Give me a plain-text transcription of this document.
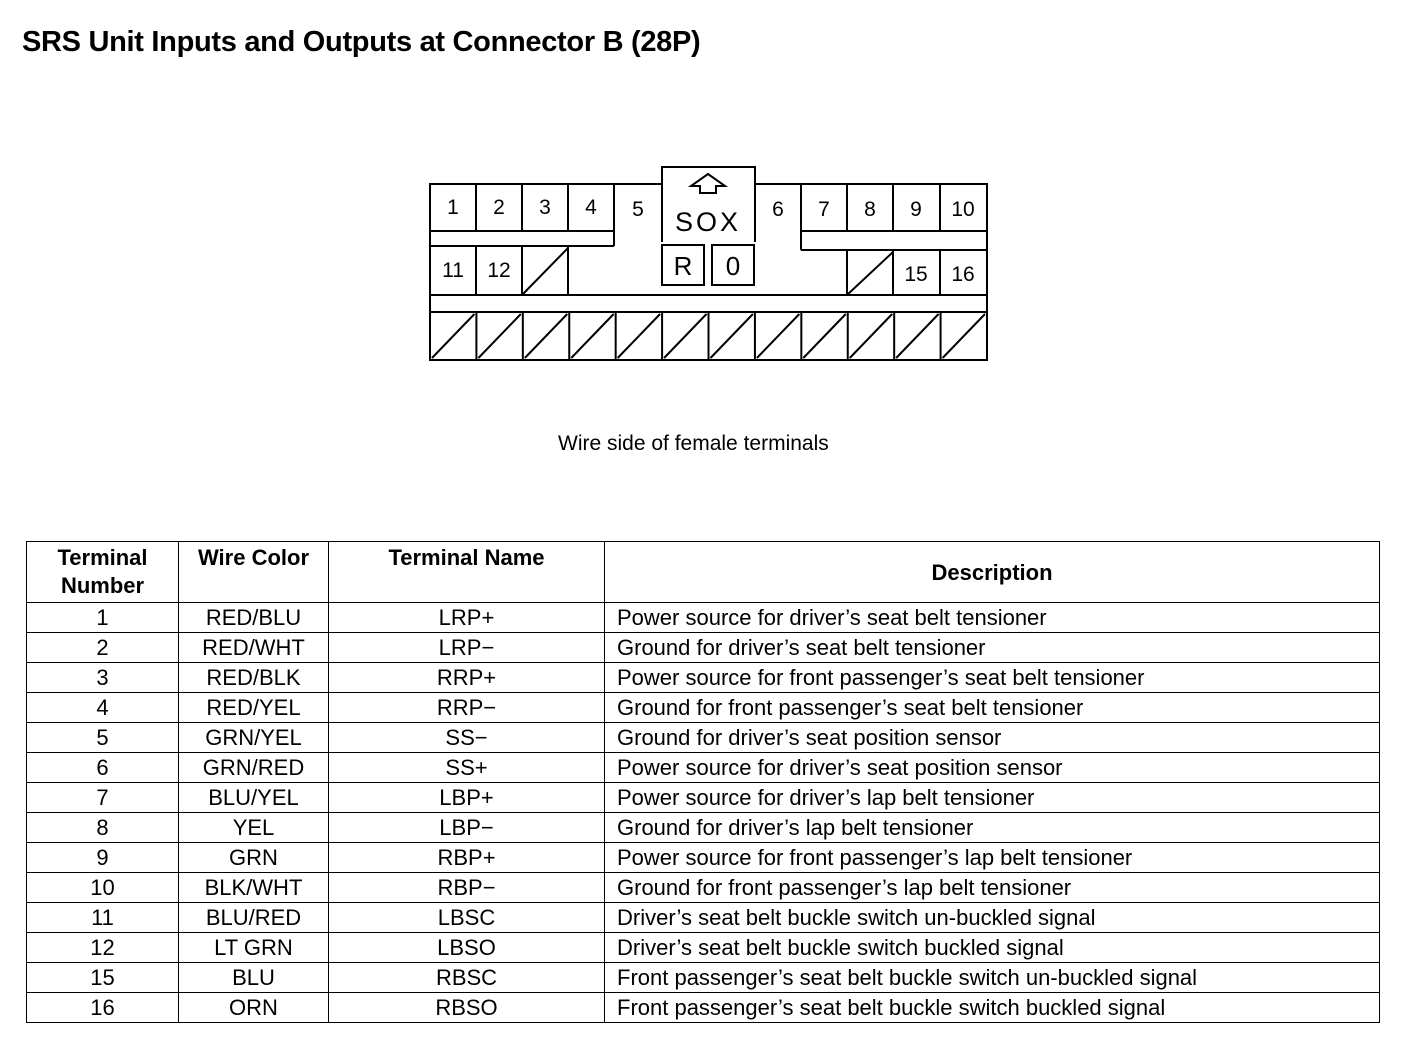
SRS Unit Inputs and Outputs at Connector B (28P)
1 2 3 4 5	6 7 8 9 10
11 12	15 16
SOX
R 0
Wire side of female terminals
Terminal
Number	Wire Color	Terminal Name	Description
1	RED/BLU	LRP+	Power source for driver’s seat belt tensioner
2	RED/WHT	LRP−	Ground for driver’s seat belt tensioner
3	RED/BLK	RRP+	Power source for front passenger’s seat belt tensioner
4	RED/YEL	RRP−	Ground for front passenger’s seat belt tensioner
5	GRN/YEL	SS−	Ground for driver’s seat position sensor
6	GRN/RED	SS+	Power source for driver’s seat position sensor
7	BLU/YEL	LBP+	Power source for driver’s lap belt tensioner
8	YEL	LBP−	Ground for driver’s lap belt tensioner
9	GRN	RBP+	Power source for front passenger’s lap belt tensioner
10	BLK/WHT	RBP−	Ground for front passenger’s lap belt tensioner
11	BLU/RED	LBSC	Driver’s seat belt buckle switch un-buckled signal
12	LT GRN	LBSO	Driver’s seat belt buckle switch buckled signal
15	BLU	RBSC	Front passenger’s seat belt buckle switch un-buckled signal
16	ORN	RBSO	Front passenger’s seat belt buckle switch buckled signal
